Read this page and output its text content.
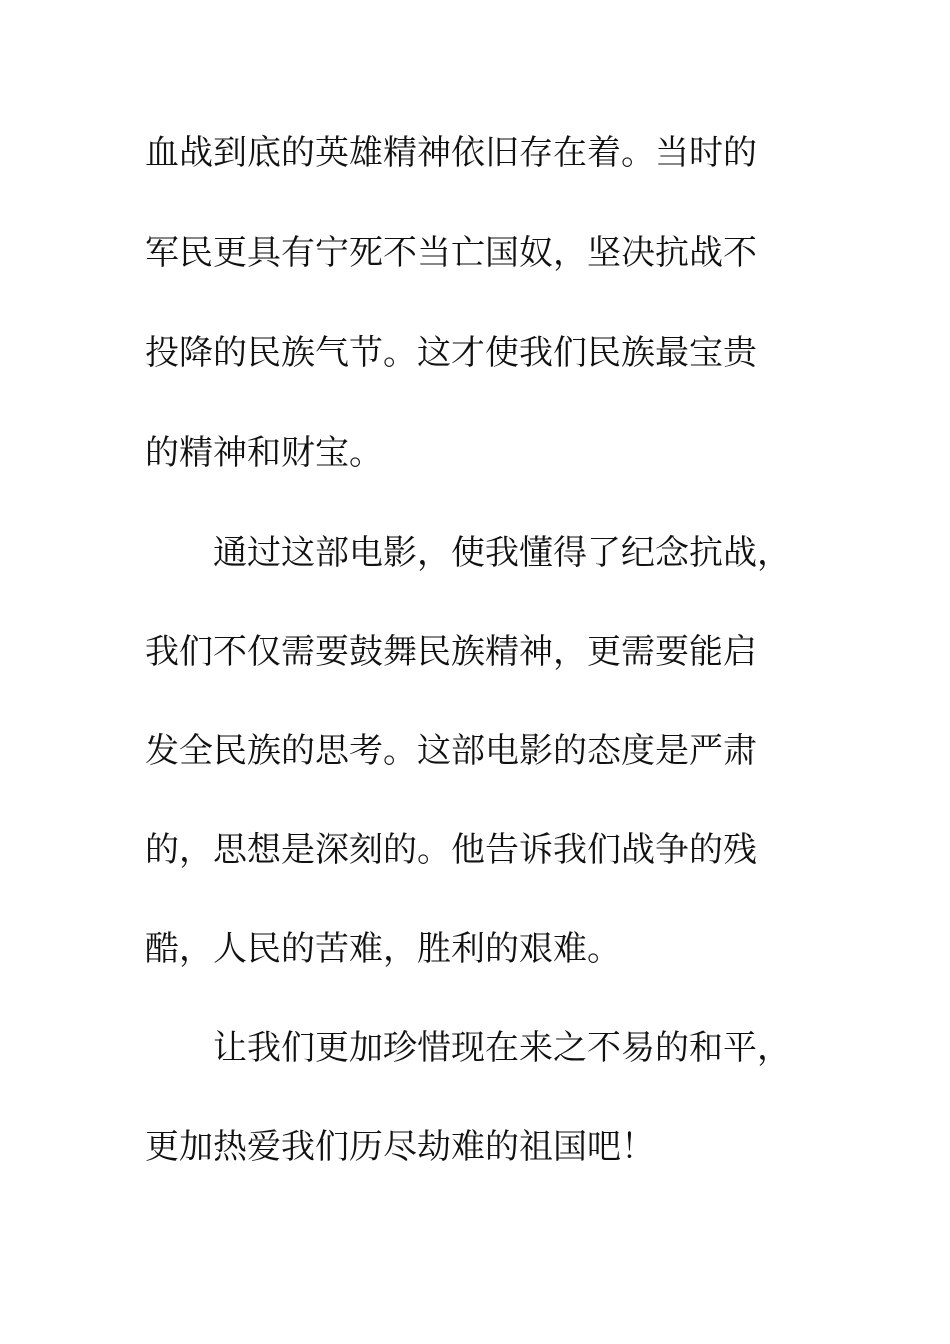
血战到底的英雄精神依旧存在着。当时的
军民更具有宁死不当亡国奴，坚决抗战不
投降的民族气节。这才使我们民族最宝贵
的精神和财宝。
通过这部电影，使我懂得了纪念抗战，
我们不仅需要鼓舞民族精神，更需要能启
发全民族的思考。这部电影的态度是严肃
的，思想是深刻的。他告诉我们战争的残
酷，人民的苦难，胜利的艰难。
让我们更加珍惜现在来之不易的和平，
更加热爱我们历尽劫难的祖国吧！
